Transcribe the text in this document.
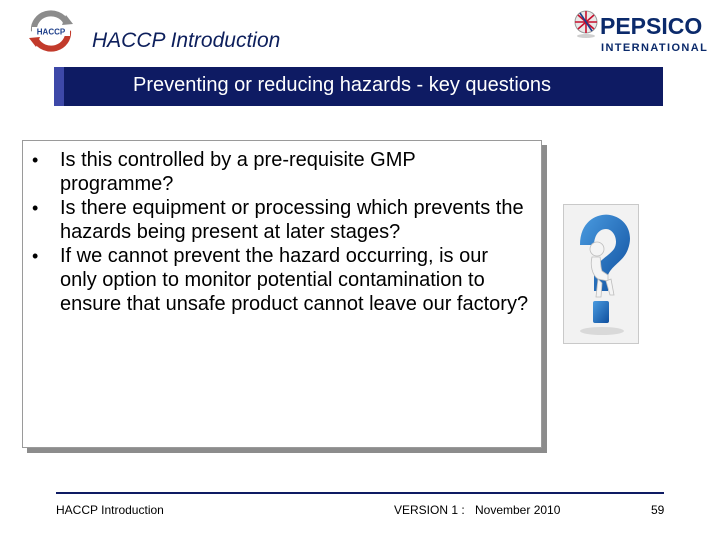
HACCP HACCP Introduction
PEPSICO
INTERNATIONAL
Preventing or reducing hazards - key questions
• Is this controlled by a pre-requisite GMP programme?
• Is there equipment or processing which prevents the hazards being present at later stages?
• If we cannot prevent the hazard occurring, is our only option to monitor potential contamination to ensure that unsafe product cannot leave our factory?
HACCP Introduction	VERSION 1 : November 2010	59
